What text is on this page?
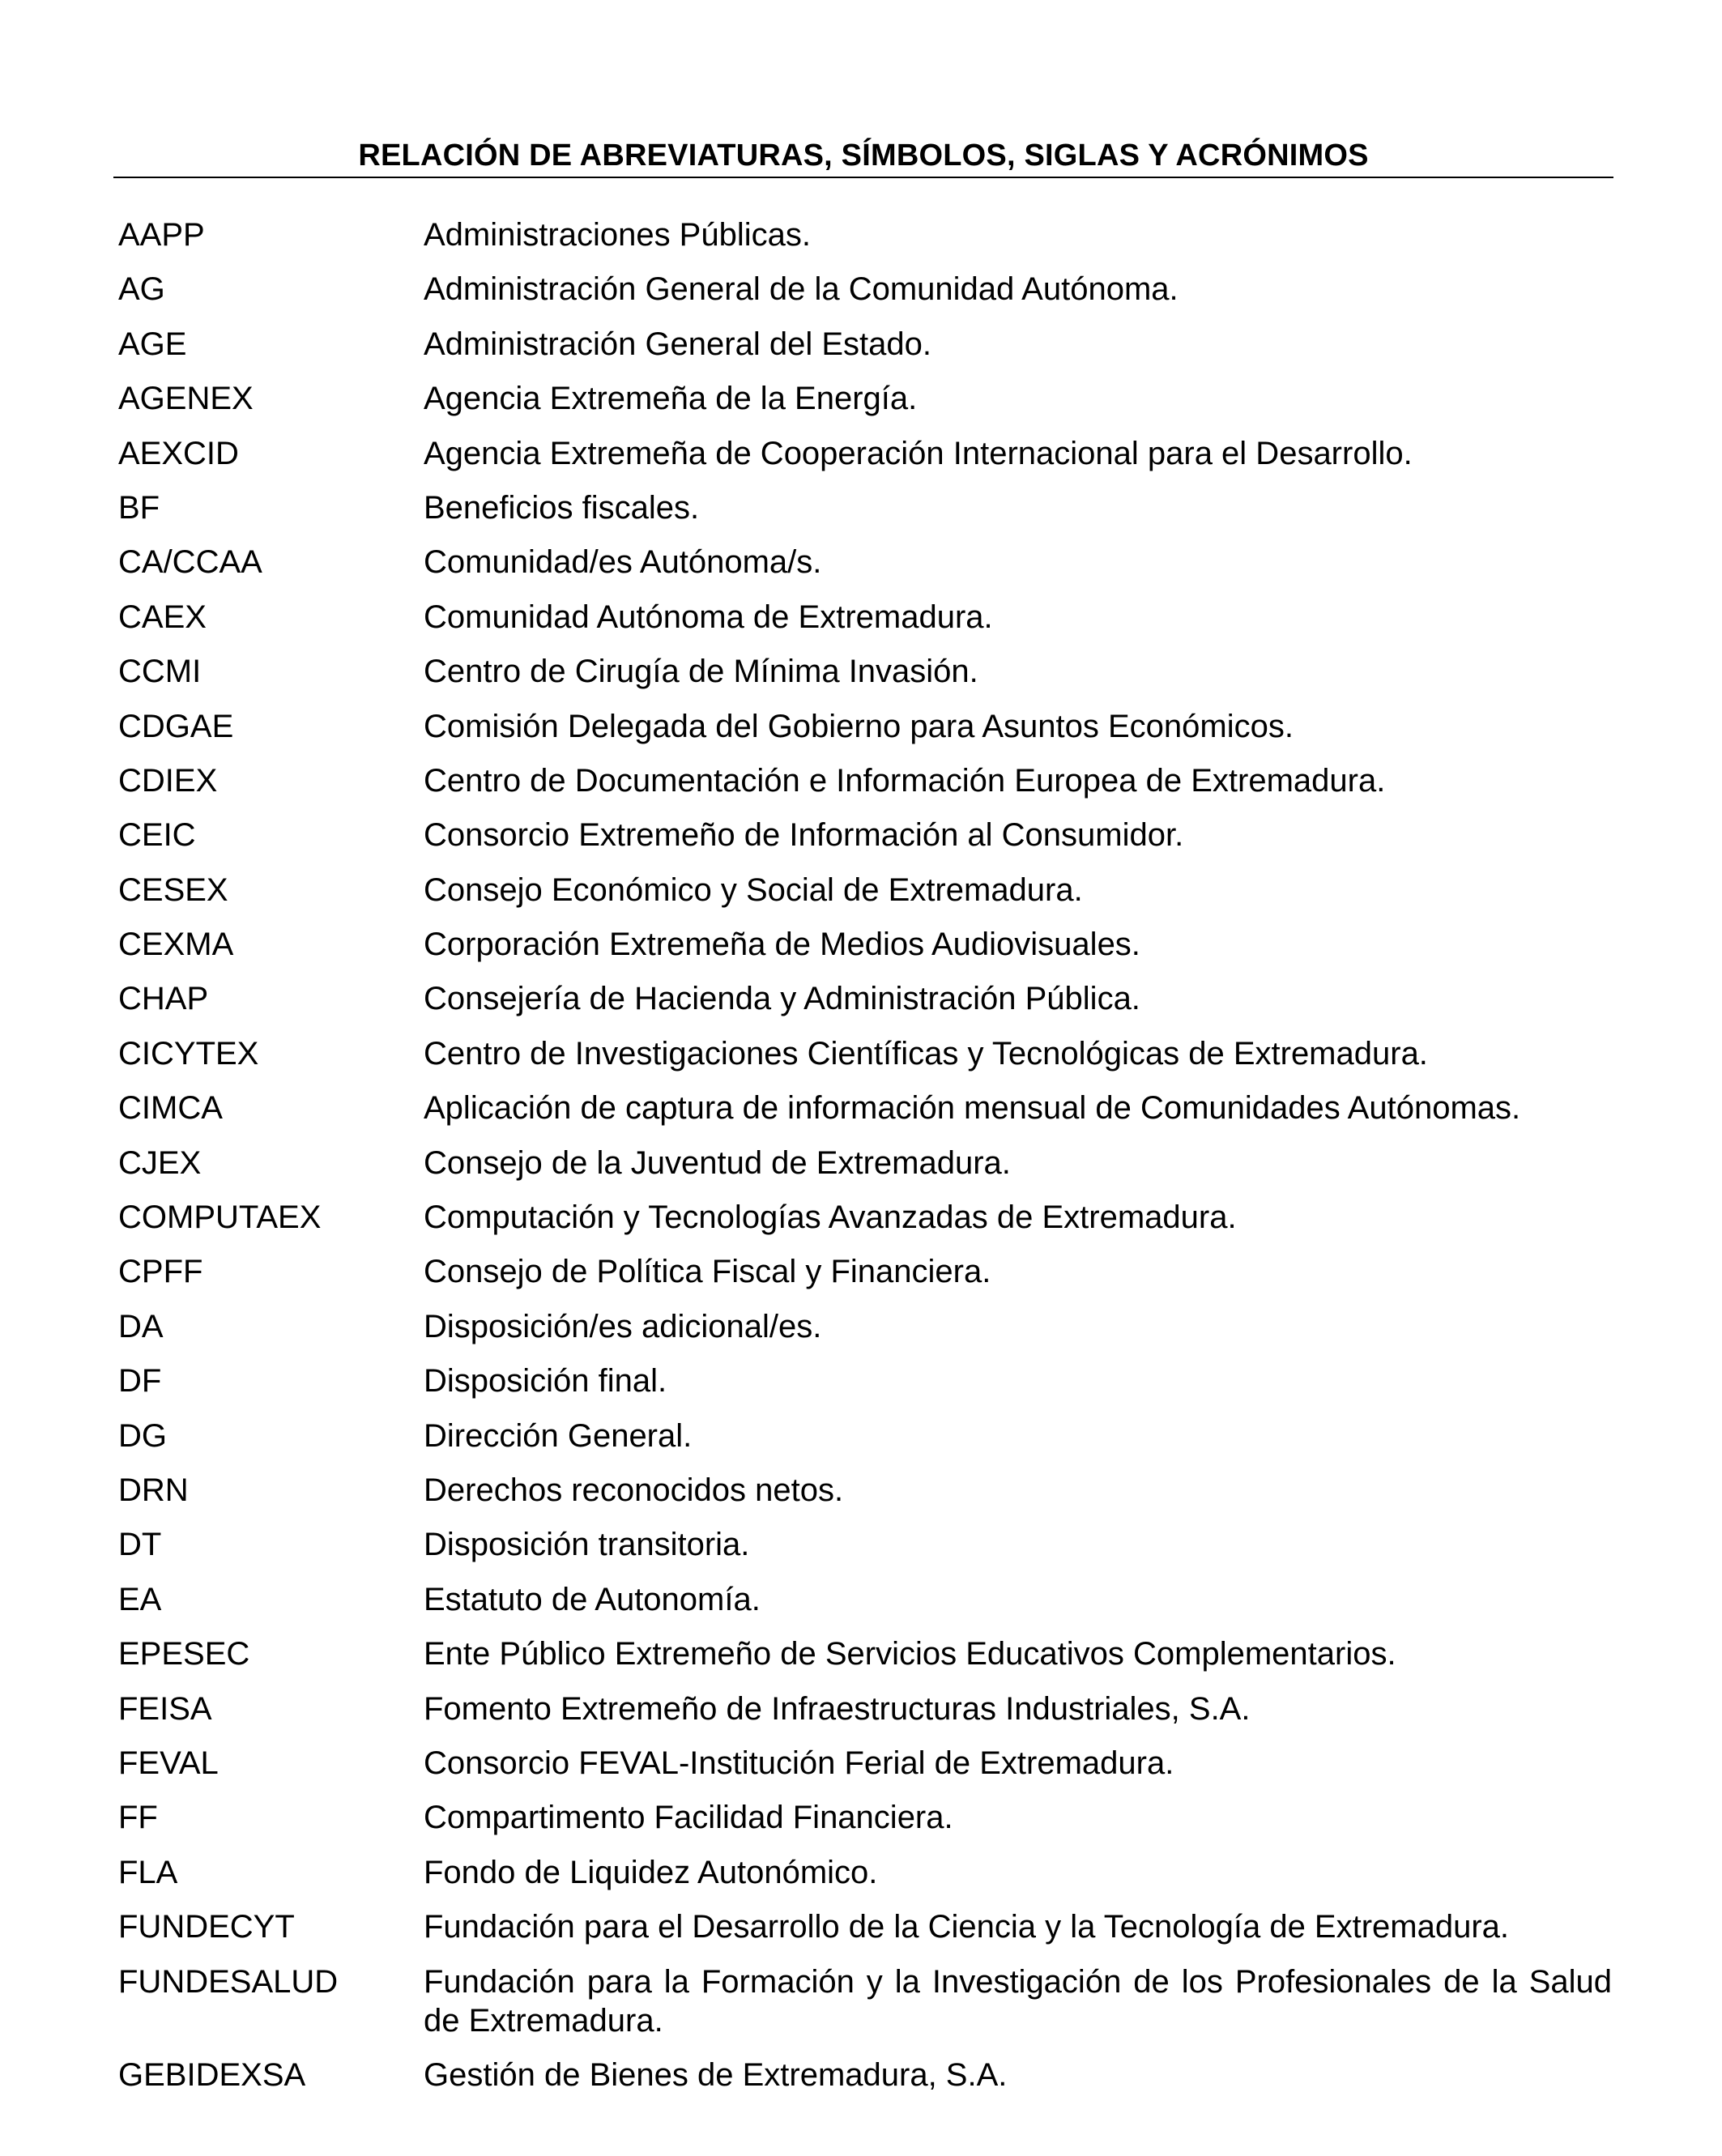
RELACIÓN DE ABREVIATURAS, SÍMBOLOS, SIGLAS Y ACRÓNIMOS
AAPP	Administraciones Públicas.
AG	Administración General de la Comunidad Autónoma.
AGE	Administración General del Estado.
AGENEX	Agencia Extremeña de la Energía.
AEXCID	Agencia Extremeña de Cooperación Internacional para el Desarrollo.
BF	Beneficios fiscales.
CA/CCAA	Comunidad/es Autónoma/s.
CAEX	Comunidad Autónoma de Extremadura.
CCMI	Centro de Cirugía de Mínima Invasión.
CDGAE	Comisión Delegada del Gobierno para Asuntos Económicos.
CDIEX	Centro de Documentación e Información Europea de Extremadura.
CEIC	Consorcio Extremeño de Información al Consumidor.
CESEX	Consejo Económico y Social de Extremadura.
CEXMA	Corporación Extremeña de Medios Audiovisuales.
CHAP	Consejería de Hacienda y Administración Pública.
CICYTEX	Centro de Investigaciones Científicas y Tecnológicas de Extremadura.
CIMCA	Aplicación de captura de información mensual de Comunidades Autónomas.
CJEX	Consejo de la Juventud de Extremadura.
COMPUTAEX	Computación y Tecnologías Avanzadas de Extremadura.
CPFF	Consejo de Política Fiscal y Financiera.
DA	Disposición/es adicional/es.
DF	Disposición final.
DG	Dirección General.
DRN	Derechos reconocidos netos.
DT	Disposición transitoria.
EA	Estatuto de Autonomía.
EPESEC	Ente Público Extremeño de Servicios Educativos Complementarios.
FEISA	Fomento Extremeño de Infraestructuras Industriales, S.A.
FEVAL	Consorcio FEVAL-Institución Ferial de Extremadura.
FF	Compartimento Facilidad Financiera.
FLA	Fondo de Liquidez Autonómico.
FUNDECYT	Fundación para el Desarrollo de la Ciencia y la Tecnología de Extremadura.
FUNDESALUD	Fundación para la Formación y la Investigación de los Profesionales de la Salud de Extremadura.
GEBIDEXSA	Gestión de Bienes de Extremadura, S.A.
